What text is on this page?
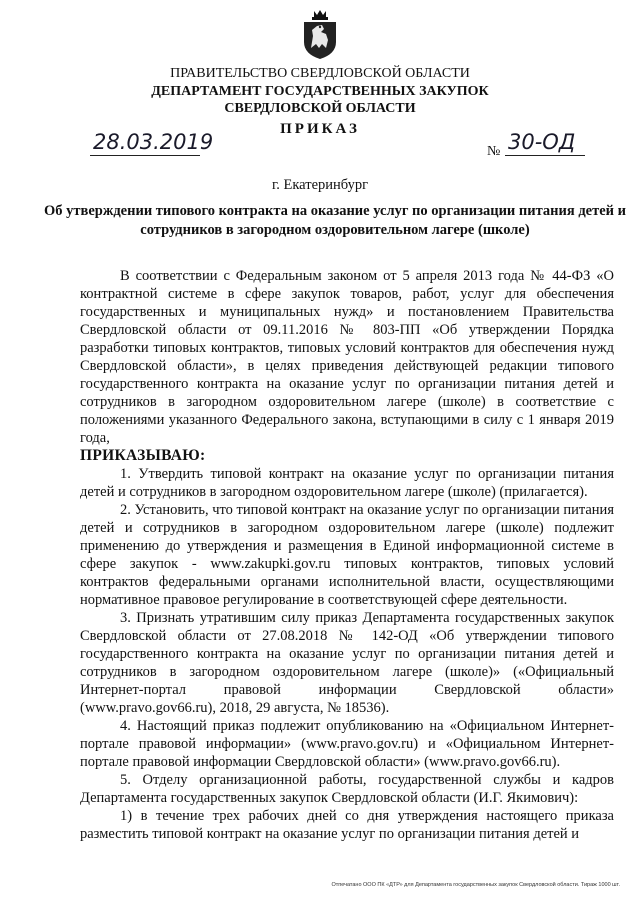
ПРАВИТЕЛЬСТВО СВЕРДЛОВСКОЙ ОБЛАСТИ
ДЕПАРТАМЕНТ ГОСУДАРСТВЕННЫХ ЗАКУПОК
СВЕРДЛОВСКОЙ ОБЛАСТИ
ПРИКАЗ
28.03.2019	№ 30-ОД
г. Екатеринбург
Об утверждении типового контракта на оказание услуг по организации питания детей и сотрудников в загородном оздоровительном лагере (школе)

В соответствии с Федеральным законом от 5 апреля 2013 года № 44-ФЗ «О контрактной системе в сфере закупок товаров, работ, услуг для обеспечения государственных и муниципальных нужд» и постановлением Правительства Свердловской области от 09.11.2016 № 803-ПП «Об утверждении Порядка разработки типовых контрактов, типовых условий контрактов для обеспечения нужд Свердловской области», в целях приведения действующей редакции типового государственного контракта на оказание услуг по организации питания детей и сотрудников в загородном оздоровительном лагере (школе) в соответствие с положениями указанного Федерального закона, вступающими в силу с 1 января 2019 года,

ПРИКАЗЫВАЮ:

1. Утвердить типовой контракт на оказание услуг по организации питания детей и сотрудников в загородном оздоровительном лагере (школе) (прилагается).

2. Установить, что типовой контракт на оказание услуг по организации питания детей и сотрудников в загородном оздоровительном лагере (школе) подлежит применению до утверждения и размещения в Единой информационной системе в сфере закупок - www.zakupki.gov.ru типовых контрактов, типовых условий контрактов федеральными органами исполнительной власти, осуществляющими нормативное правовое регулирование в соответствующей сфере деятельности.

3. Признать утратившим силу приказ Департамента государственных закупок Свердловской области от 27.08.2018 № 142-ОД «Об утверждении типового государственного контракта на оказание услуг по организации питания детей и сотрудников в загородном оздоровительном лагере (школе)» («Официальный Интернет-портал правовой информации Свердловской области» (www.pravo.gov66.ru), 2018, 29 августа, № 18536).

4. Настоящий приказ подлежит опубликованию на «Официальном Интернет-портале правовой информации» (www.pravo.gov.ru) и «Официальном Интернет-портале правовой информации Свердловской области» (www.pravo.gov66.ru).

5. Отделу организационной работы, государственной службы и кадров Департамента государственных закупок Свердловской области (И.Г. Якимович):

1) в течение трех рабочих дней со дня утверждения настоящего приказа разместить типовой контракт на оказание услуг по организации питания детей и

Отпечатано ООО ПК «ДТР» для Департамента государственных закупок Свердловской области. Тираж 1000 шт.
